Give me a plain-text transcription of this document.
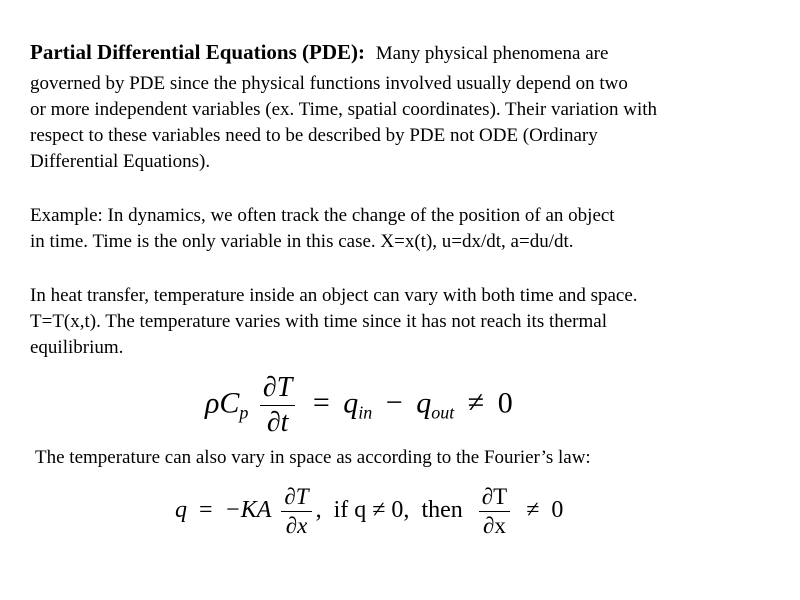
Partial Differential Equations (PDE): Many physical phenomena are
governed by PDE since the physical functions involved usually depend on two
or more independent variables (ex. Time, spatial coordinates). Their variation with
respect to these variables need to be described by PDE not ODE (Ordinary
Differential Equations).
Example: In dynamics, we often track the change of the position of an object
in time. Time is the only variable in this case. X=x(t), u=dx/dt, a=du/dt.
In heat transfer, temperature inside an object can vary with both time and space.
T=T(x,t). The temperature varies with time since it has not reach its thermal
equilibrium.
$\rho C_p \frac{\partial T}{\partial t} = q_{in} - q_{out} \ne 0$
The temperature can also vary in space as according to the Fourier’s law:
$q = -KA \frac{\partial T}{\partial x}$ , if q ≠ 0, then $\frac{\partial T}{\partial x} \ne 0$
